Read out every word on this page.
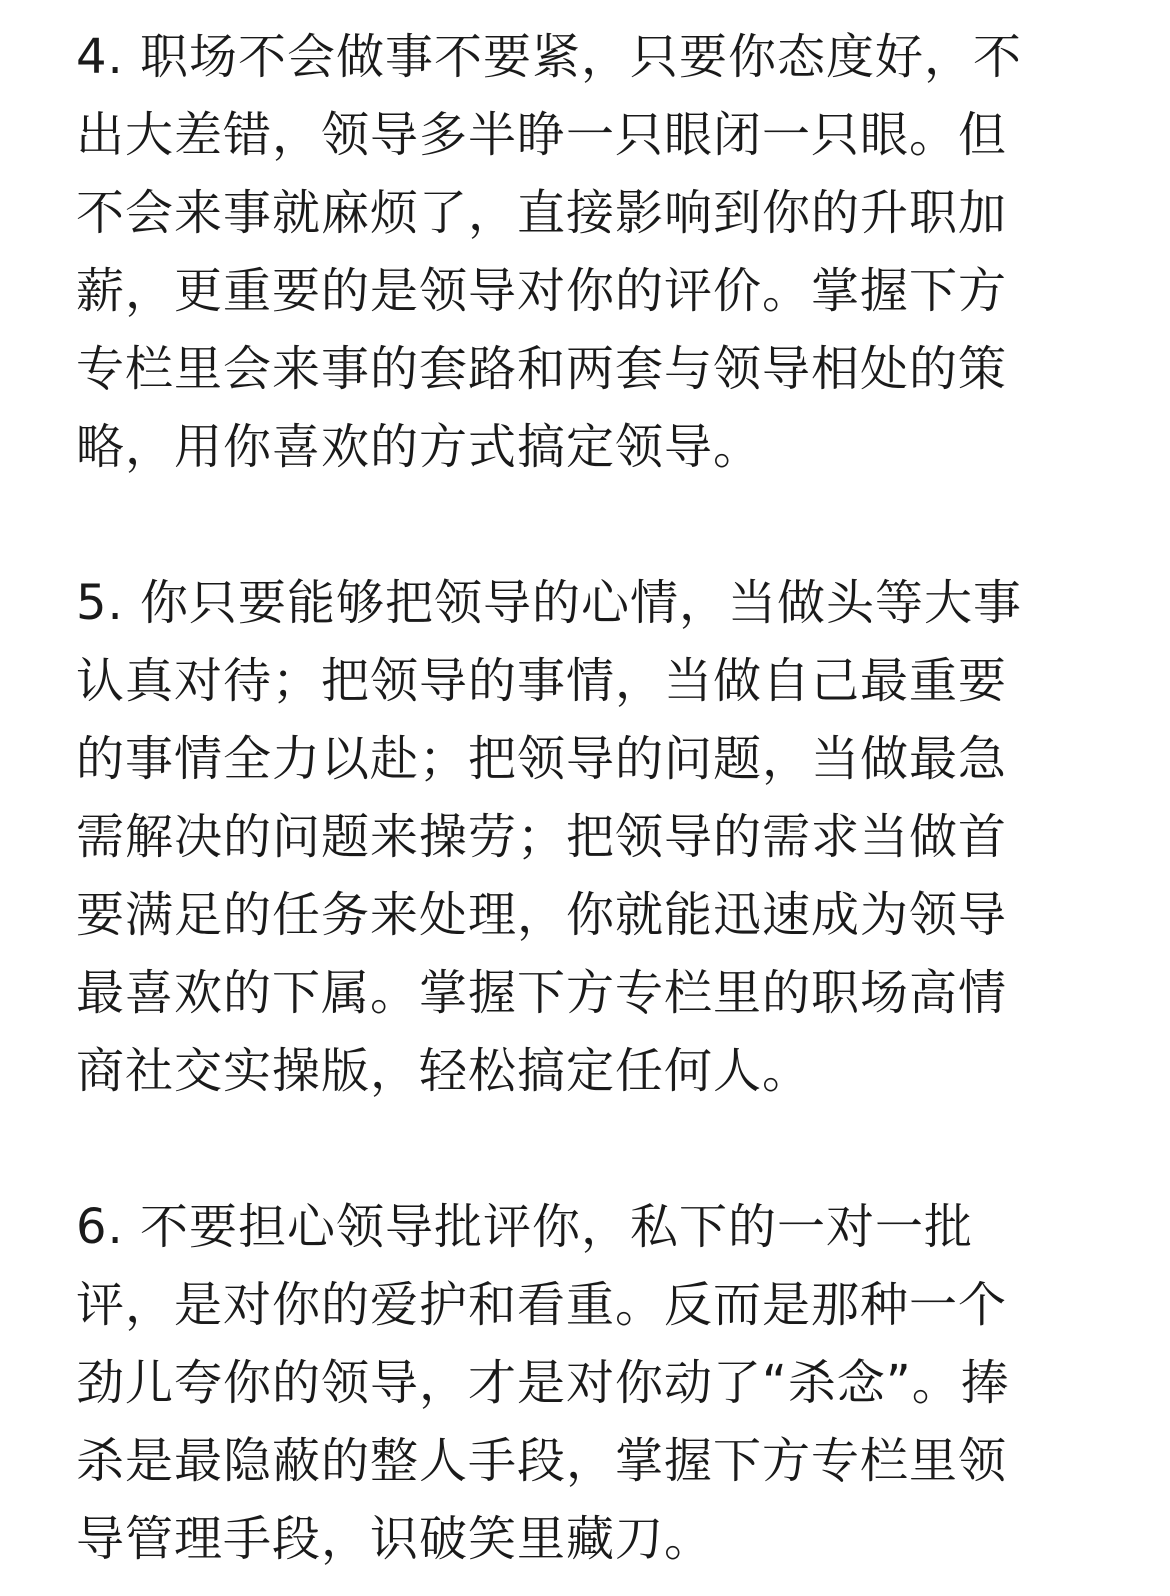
4. 职场不会做事不要紧，只要你态度好，不
出大差错，领导多半睁一只眼闭一只眼。但
不会来事就麻烦了，直接影响到你的升职加
薪，更重要的是领导对你的评价。掌握下方
专栏里会来事的套路和两套与领导相处的策
略，用你喜欢的方式搞定领导。

5. 你只要能够把领导的心情，当做头等大事
认真对待；把领导的事情，当做自己最重要
的事情全力以赴；把领导的问题，当做最急
需解决的问题来操劳；把领导的需求当做首
要满足的任务来处理，你就能迅速成为领导
最喜欢的下属。掌握下方专栏里的职场高情
商社交实操版，轻松搞定任何人。

6. 不要担心领导批评你，私下的一对一批
评，是对你的爱护和看重。反而是那种一个
劲儿夸你的领导，才是对你动了“杀念”。捧
杀是最隐蔽的整人手段，掌握下方专栏里领
导管理手段，识破笑里藏刀。
